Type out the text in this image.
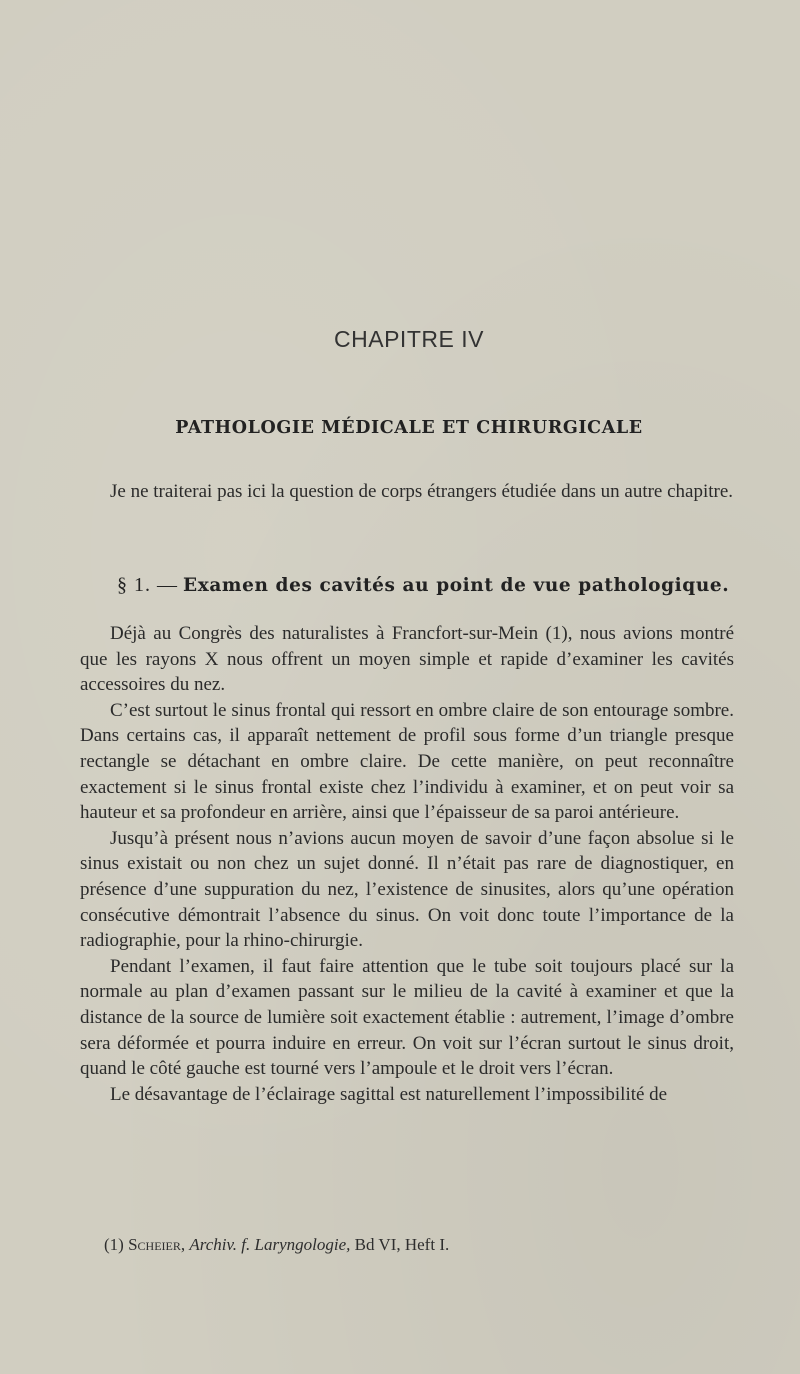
CHAPITRE IV
PATHOLOGIE MÉDICALE ET CHIRURGICALE

Je ne traiterai pas ici la question de corps étrangers étudiée dans un autre chapitre.

§ 1. — Examen des cavités au point de vue pathologique.

Déjà au Congrès des naturalistes à Francfort-sur-Mein (1), nous avions montré que les rayons X nous offrent un moyen simple et rapide d’examiner les cavités accessoires du nez.

C’est surtout le sinus frontal qui ressort en ombre claire de son entourage sombre. Dans certains cas, il apparaît nettement de profil sous forme d’un triangle presque rectangle se détachant en ombre claire. De cette manière, on peut reconnaître exactement si le sinus frontal existe chez l’individu à examiner, et on peut voir sa hauteur et sa profondeur en arrière, ainsi que l’épaisseur de sa paroi antérieure.

Jusqu’à présent nous n’avions aucun moyen de savoir d’une façon absolue si le sinus existait ou non chez un sujet donné. Il n’était pas rare de diagnostiquer, en présence d’une suppuration du nez, l’existence de sinusites, alors qu’une opération consécutive démontrait l’absence du sinus. On voit donc toute l’importance de la radiographie, pour la rhino-chirurgie.

Pendant l’examen, il faut faire attention que le tube soit toujours placé sur la normale au plan d’examen passant sur le milieu de la cavité à examiner et que la distance de la source de lumière soit exactement établie : autrement, l’image d’ombre sera déformée et pourra induire en erreur. On voit sur l’écran surtout le sinus droit, quand le côté gauche est tourné vers l’ampoule et le droit vers l’écran.

Le désavantage de l’éclairage sagittal est naturellement l’impossibilité de

(1) Scheier, Archiv. f. Laryngologie, Bd VI, Heft I.
